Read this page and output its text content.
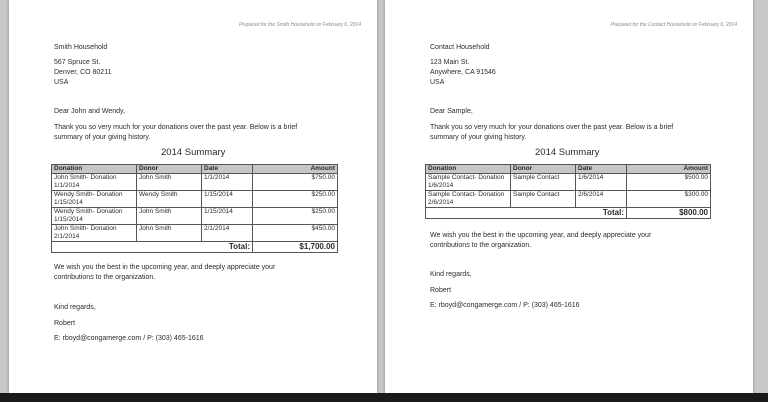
Prepared for the Smith Household on February 6, 2014
Smith Household
567 Spruce St.
Denver, CO 80211
USA
Dear John and Wendy,
Thank you so very much for your donations over the past year. Below is a brief summary of your giving history.
2014 Summary
Donation	Donor	Date	Amount
John Smith- Donation 1/1/2014	John Smith	1/1/2014	$750.00
Wendy Smith- Donation 1/15/2014	Wendy Smith	1/15/2014	$250.00
Wendy Smith- Donation 1/15/2014	John Smith	1/15/2014	$250.00
John Smith- Donation 2/1/2014	John Smith	2/1/2014	$450.00
		Total:	$1,700.00
We wish you the best in the upcoming year, and deeply appreciate your contributions to the organization.
Kind regards,
Robert
E: rboyd@congamerge.com / P: (303) 465-1616
Prepared for the Contact Household on February 6, 2014
Contact Household
123 Main St.
Anywhere, CA 91546
USA
Dear Sample,
Thank you so very much for your donations over the past year. Below is a brief summary of your giving history.
2014 Summary
Donation	Donor	Date	Amount
Sample Contact- Donation 1/6/2014	Sample Contact	1/6/2014	$500.00
Sample Contact- Donation 2/6/2014	Sample Contact	2/6/2014	$300.00
		Total:	$800.00
We wish you the best in the upcoming year, and deeply appreciate your contributions to the organization.
Kind regards,
Robert
E: rboyd@congamerge.com / P: (303) 465-1616
